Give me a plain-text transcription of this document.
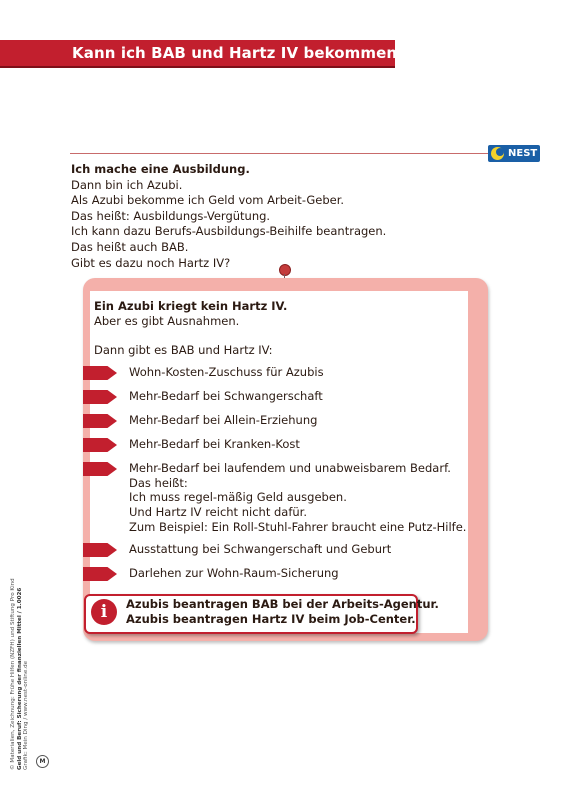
Kann ich BAB und Hartz IV bekommen?
NEST
Ich mache eine Ausbildung.
Dann bin ich Azubi.
Als Azubi bekomme ich Geld vom Arbeit-Geber.
Das heißt: Ausbildungs-Vergütung.
Ich kann dazu Berufs-Ausbildungs-Beihilfe beantragen.
Das heißt auch BAB.
Gibt es dazu noch Hartz IV?
Ein Azubi kriegt kein Hartz IV.
Aber es gibt Ausnahmen.
Dann gibt es BAB und Hartz IV:
Wohn-Kosten-Zuschuss für Azubis
Mehr-Bedarf bei Schwangerschaft
Mehr-Bedarf bei Allein-Erziehung
Mehr-Bedarf bei Kranken-Kost
Mehr-Bedarf bei laufendem und unabweisbarem Bedarf.
Das heißt:
Ich muss regel-mäßig Geld ausgeben.
Und Hartz IV reicht nicht dafür.
Zum Beispiel: Ein Roll-Stuhl-Fahrer braucht eine Putz-Hilfe.
Ausstattung bei Schwangerschaft und Geburt
Darlehen zur Wohn-Raum-Sicherung
i	Azubis beantragen BAB bei der Arbeits-Agentur.
Azubis beantragen Hartz IV beim Job-Center.
© Materialien, Zeichnung: Frühe Hilfen (NZFH) und Stiftung Pro Kind Geld und Beruf: Sicherung der finanziellen Mittel / 1.0026 Grafik: Mein Ding / www.nest-online.de	M
